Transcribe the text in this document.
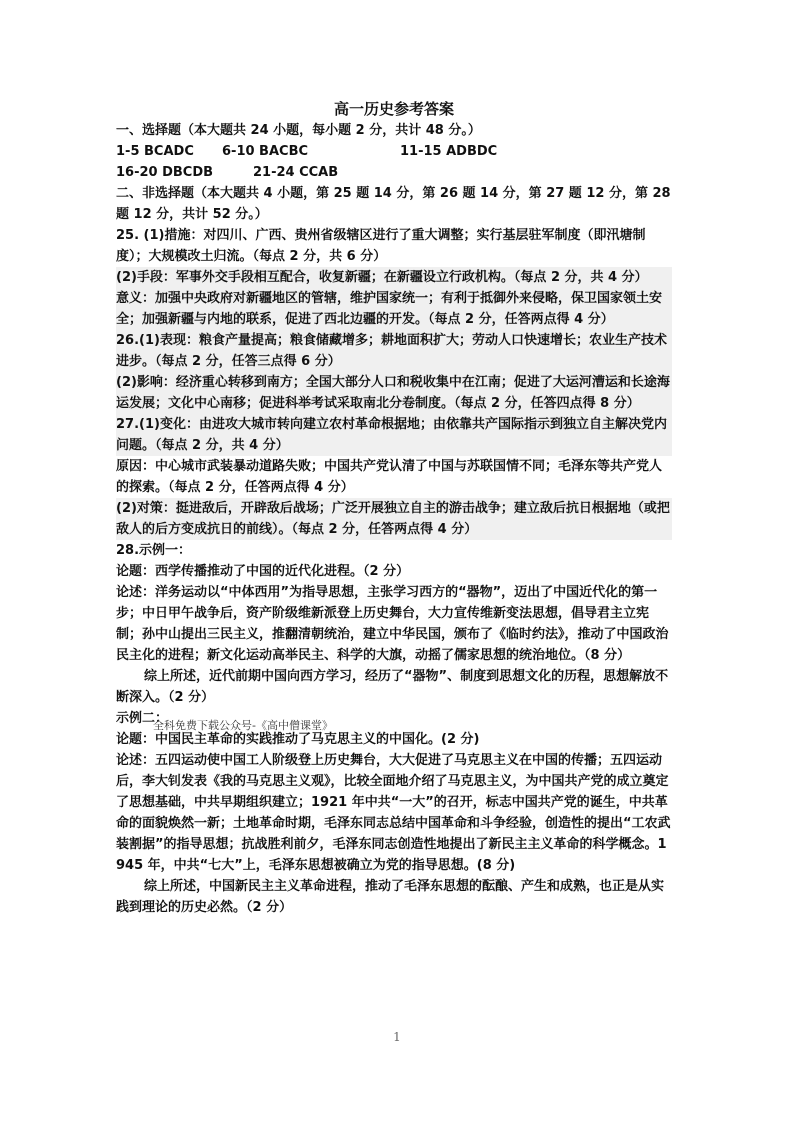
高一历史参考答案

一、选择题（本大题共 24 小题，每小题 2 分，共计 48 分。）

1-5 BCADC 6-10 BACBC	11-15 ADBDC

16-20 DBCDB	21-24 CCAB

二、非选择题（本大题共 4 小题，第 25 题 14 分，第 26 题 14 分，第 27 题 12 分，第 28 题 12 分，共计 52 分。）

25. (1)措施：对四川、广西、贵州省级辖区进行了重大调整；实行基层驻军制度（即汛塘制度）；大规模改土归流。（每点 2 分，共 6 分）

(2)手段：军事外交手段相互配合，收复新疆；在新疆设立行政机构。（每点 2 分，共 4 分）

意义：加强中央政府对新疆地区的管辖，维护国家统一；有利于抵御外来侵略，保卫国家领土安全；加强新疆与内地的联系，促进了西北边疆的开发。（每点 2 分，任答两点得 4 分）

26.(1)表现：粮食产量提高；粮食储藏增多；耕地面积扩大；劳动人口快速增长；农业生产技术进步。（每点 2 分，任答三点得 6 分）

(2)影响：经济重心转移到南方；全国大部分人口和税收集中在江南；促进了大运河漕运和长途海运发展；文化中心南移；促进科举考试采取南北分卷制度。（每点 2 分，任答四点得 8 分）

27.(1)变化：由进攻大城市转向建立农村革命根据地；由依靠共产国际指示到独立自主解决党内问题。（每点 2 分，共 4 分）

原因：中心城市武装暴动道路失败；中国共产党认清了中国与苏联国情不同；毛泽东等共产党人的探索。（每点 2 分，任答两点得 4 分）

(2)对策：挺进敌后，开辟敌后战场；广泛开展独立自主的游击战争；建立敌后抗日根据地（或把敌人的后方变成抗日的前线）。（每点 2 分，任答两点得 4 分）

28.示例一：

论题：西学传播推动了中国的近代化进程。（2 分）

论述：洋务运动以“中体西用”为指导思想，主张学习西方的“器物”，迈出了中国近代化的第一步；中日甲午战争后，资产阶级维新派登上历史舞台，大力宣传维新变法思想，倡导君主立宪制；孙中山提出三民主义，推翻清朝统治，建立中华民国，颁布了《临时约法》，推动了中国政治民主化的进程；新文化运动高举民主、科学的大旗，动摇了儒家思想的统治地位。（8 分）

综上所述，近代前期中国向西方学习，经历了“器物”、制度到思想文化的历程，思想解放不断深入。（2 分）

示例二：

论题：中国民主革命的实践推动了马克思主义的中国化。(2 分)

论述：五四运动使中国工人阶级登上历史舞台，大大促进了马克思主义在中国的传播；五四运动后，李大钊发表《我的马克思主义观》，比较全面地介绍了马克思主义，为中国共产党的成立奠定了思想基础，中共早期组织建立；1921 年中共“一大”的召开，标志中国共产党的诞生，中共革命的面貌焕然一新；土地革命时期，毛泽东同志总结中国革命和斗争经验，创造性的提出“工农武装割据”的指导思想；抗战胜利前夕，毛泽东同志创造性地提出了新民主主义革命的科学概念。1945 年，中共“七大”上，毛泽东思想被确立为党的指导思想。(8 分)

综上所述，中国新民主主义革命进程，推动了毛泽东思想的酝酿、产生和成熟，也正是从实践到理论的历史必然。（2 分）

全科免费下载公众号-《高中僧课堂》
1
